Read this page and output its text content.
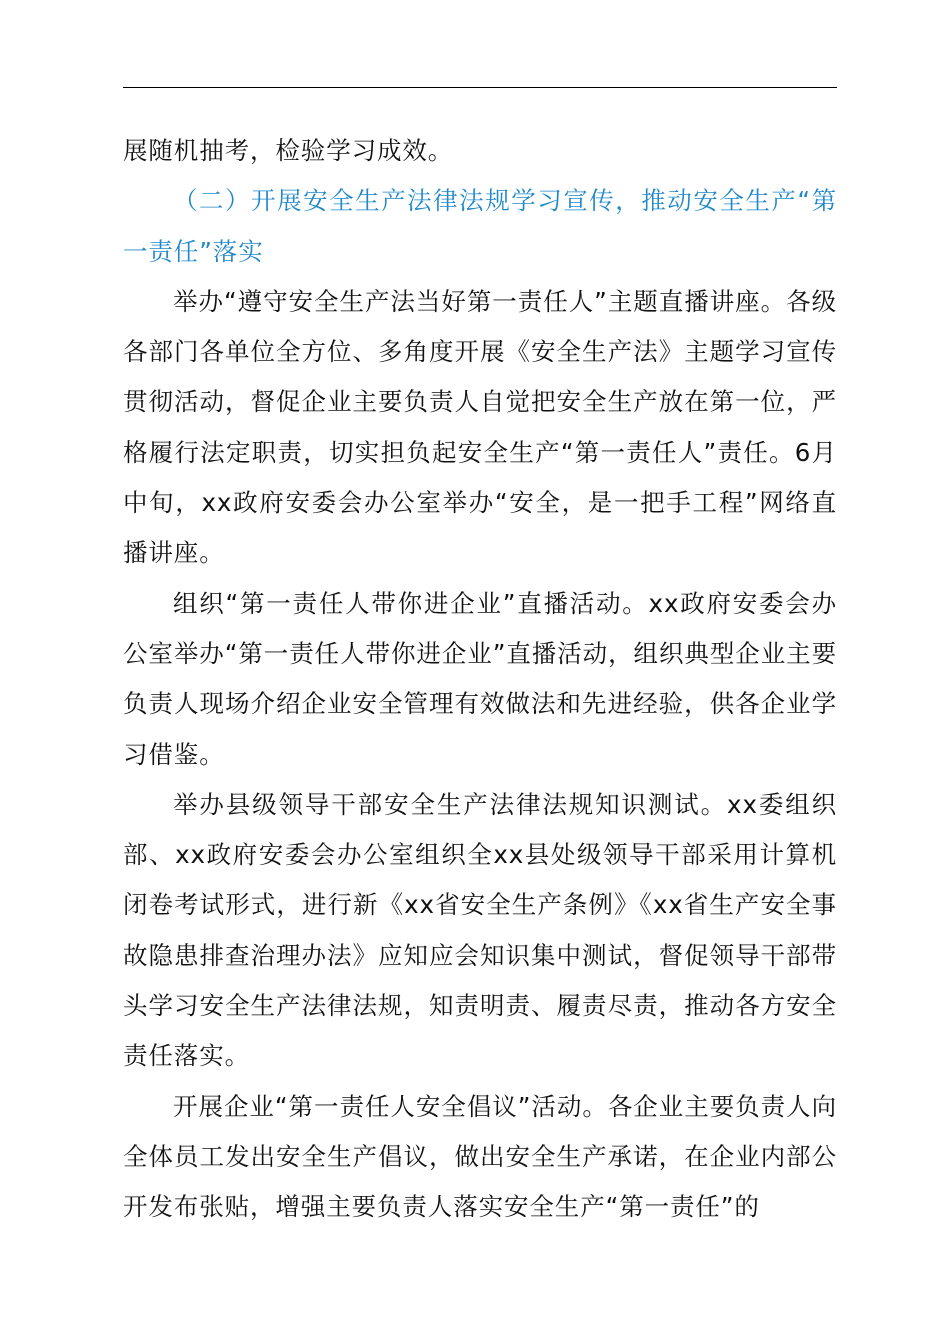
展随机抽考，检验学习成效。

（二）开展安全生产法律法规学习宣传，推动安全生产“第一责任”落实

举办“遵守安全生产法当好第一责任人”主题直播讲座。各级各部门各单位全方位、多角度开展《安全生产法》主题学习宣传贯彻活动，督促企业主要负责人自觉把安全生产放在第一位，严格履行法定职责，切实担负起安全生产“第一责任人”责任。6月中旬，xx政府安委会办公室举办“安全，是一把手工程”网络直播讲座。

组织“第一责任人带你进企业”直播活动。xx政府安委会办公室举办“第一责任人带你进企业”直播活动，组织典型企业主要负责人现场介绍企业安全管理有效做法和先进经验，供各企业学习借鉴。

举办县级领导干部安全生产法律法规知识测试。xx委组织部、xx政府安委会办公室组织全xx县处级领导干部采用计算机闭卷考试形式，进行新《xx省安全生产条例》《xx省生产安全事故隐患排查治理办法》应知应会知识集中测试，督促领导干部带头学习安全生产法律法规，知责明责、履责尽责，推动各方安全责任落实。

开展企业“第一责任人安全倡议”活动。各企业主要负责人向全体员工发出安全生产倡议，做出安全生产承诺，在企业内部公开发布张贴，增强主要负责人落实安全生产“第一责任”的
